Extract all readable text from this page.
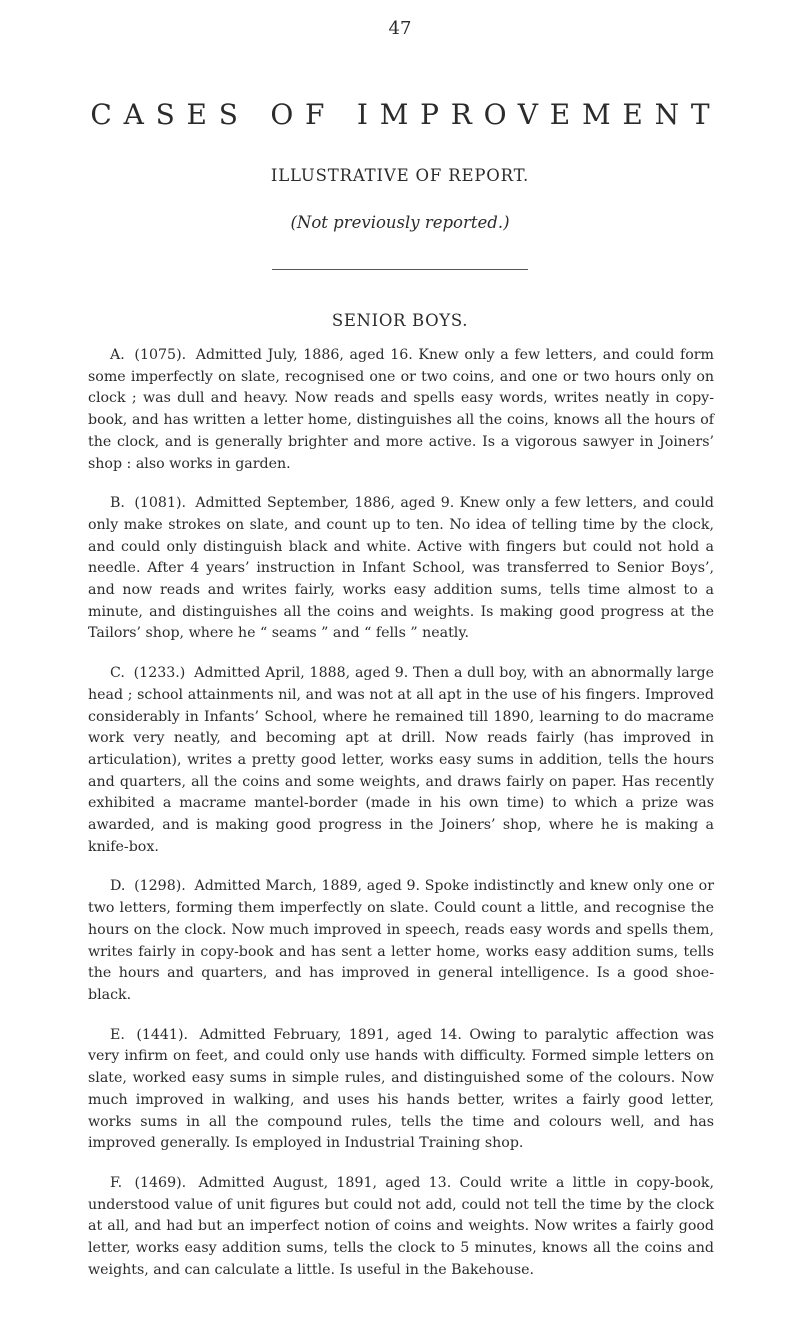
47
CASES OF IMPROVEMENT
ILLUSTRATIVE OF REPORT.
(Not previously reported.)
SENIOR BOYS.

A. (1075). Admitted July, 1886, aged 16. Knew only a few letters, and could form some imperfectly on slate, recognised one or two coins, and one or two hours only on clock ; was dull and heavy. Now reads and spells easy words, writes neatly in copy-book, and has written a letter home, distinguishes all the coins, knows all the hours of the clock, and is generally brighter and more active. Is a vigorous sawyer in Joiners’ shop : also works in garden.

B. (1081). Admitted September, 1886, aged 9. Knew only a few letters, and could only make strokes on slate, and count up to ten. No idea of telling time by the clock, and could only distinguish black and white. Active with fingers but could not hold a needle. After 4 years’ instruction in Infant School, was transferred to Senior Boys’, and now reads and writes fairly, works easy addition sums, tells time almost to a minute, and distinguishes all the coins and weights. Is making good progress at the Tailors’ shop, where he “ seams ” and “ fells ” neatly.

C. (1233.) Admitted April, 1888, aged 9. Then a dull boy, with an abnormally large head ; school attainments nil, and was not at all apt in the use of his fingers. Improved considerably in Infants’ School, where he remained till 1890, learning to do macrame work very neatly, and becoming apt at drill. Now reads fairly (has improved in articulation), writes a pretty good letter, works easy sums in addition, tells the hours and quarters, all the coins and some weights, and draws fairly on paper. Has recently exhibited a macrame mantel-border (made in his own time) to which a prize was awarded, and is making good progress in the Joiners’ shop, where he is making a knife-box.

D. (1298). Admitted March, 1889, aged 9. Spoke indistinctly and knew only one or two letters, forming them imperfectly on slate. Could count a little, and recognise the hours on the clock. Now much improved in speech, reads easy words and spells them, writes fairly in copy-book and has sent a letter home, works easy addition sums, tells the hours and quarters, and has improved in general intelligence. Is a good shoe-black.

E. (1441). Admitted February, 1891, aged 14. Owing to paralytic affection was very infirm on feet, and could only use hands with difficulty. Formed simple letters on slate, worked easy sums in simple rules, and distinguished some of the colours. Now much improved in walking, and uses his hands better, writes a fairly good letter, works sums in all the compound rules, tells the time and colours well, and has improved generally. Is employed in Industrial Training shop.

F. (1469). Admitted August, 1891, aged 13. Could write a little in copy-book, understood value of unit figures but could not add, could not tell the time by the clock at all, and had but an imperfect notion of coins and weights. Now writes a fairly good letter, works easy addition sums, tells the clock to 5 minutes, knows all the coins and weights, and can calculate a little. Is useful in the Bakehouse.
